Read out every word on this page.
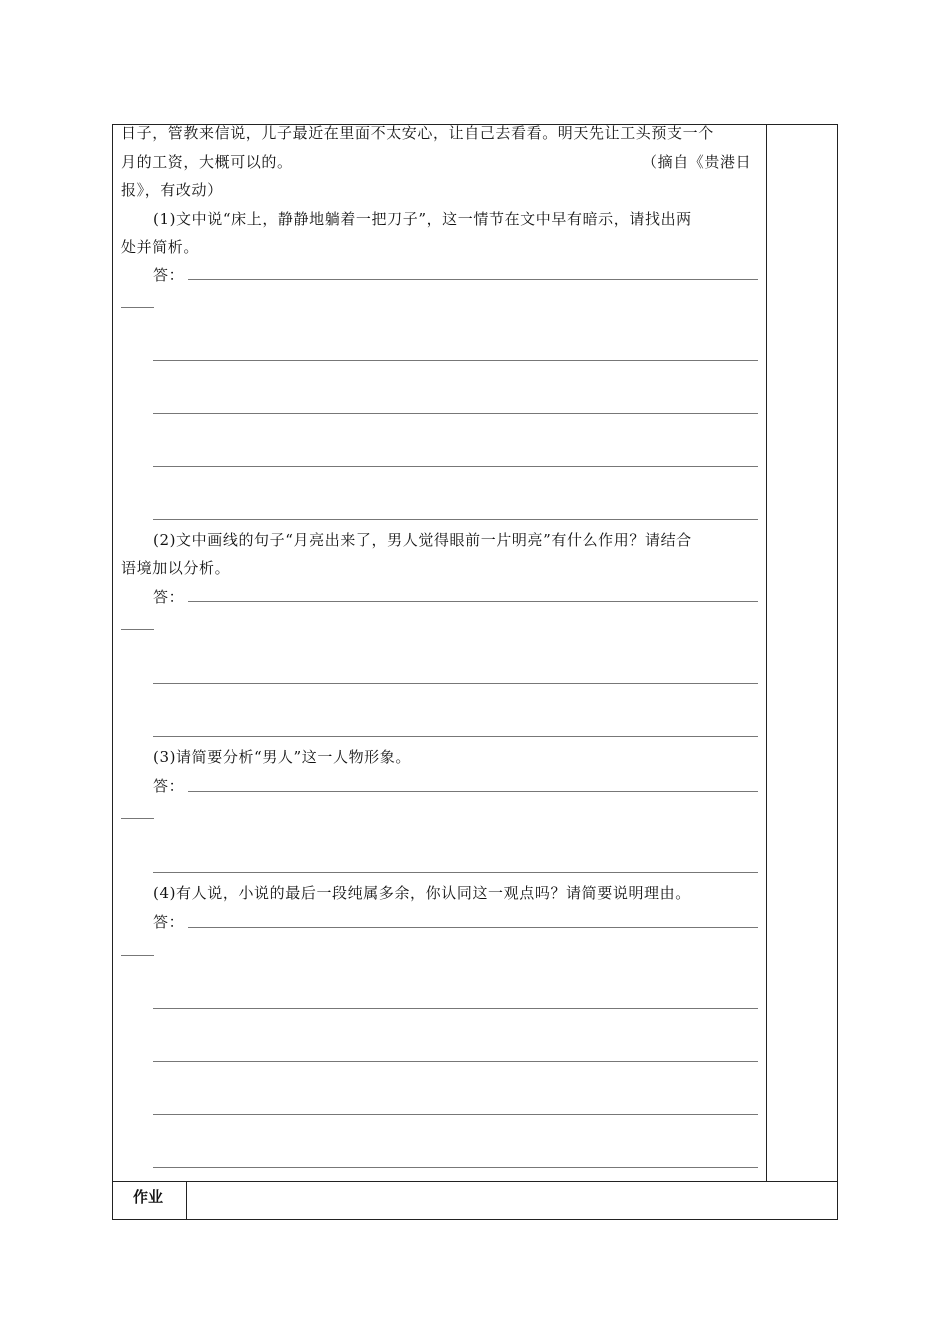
日子，管教来信说，儿子最近在里面不太安心，让自己去看看。明天先让工头预支一个
月的工资，大概可以的。	（摘自《贵港日
报》，有改动）
(1)文中说“床上，静静地躺着一把刀子”，这一情节在文中早有暗示，请找出两
处并简析。
答：
(2)文中画线的句子“月亮出来了，男人觉得眼前一片明亮”有什么作用？请结合
语境加以分析。
答：
(3)请简要分析“男人”这一人物形象。
答：
(4)有人说，小说的最后一段纯属多余，你认同这一观点吗？请简要说明理由。
答：
作业
